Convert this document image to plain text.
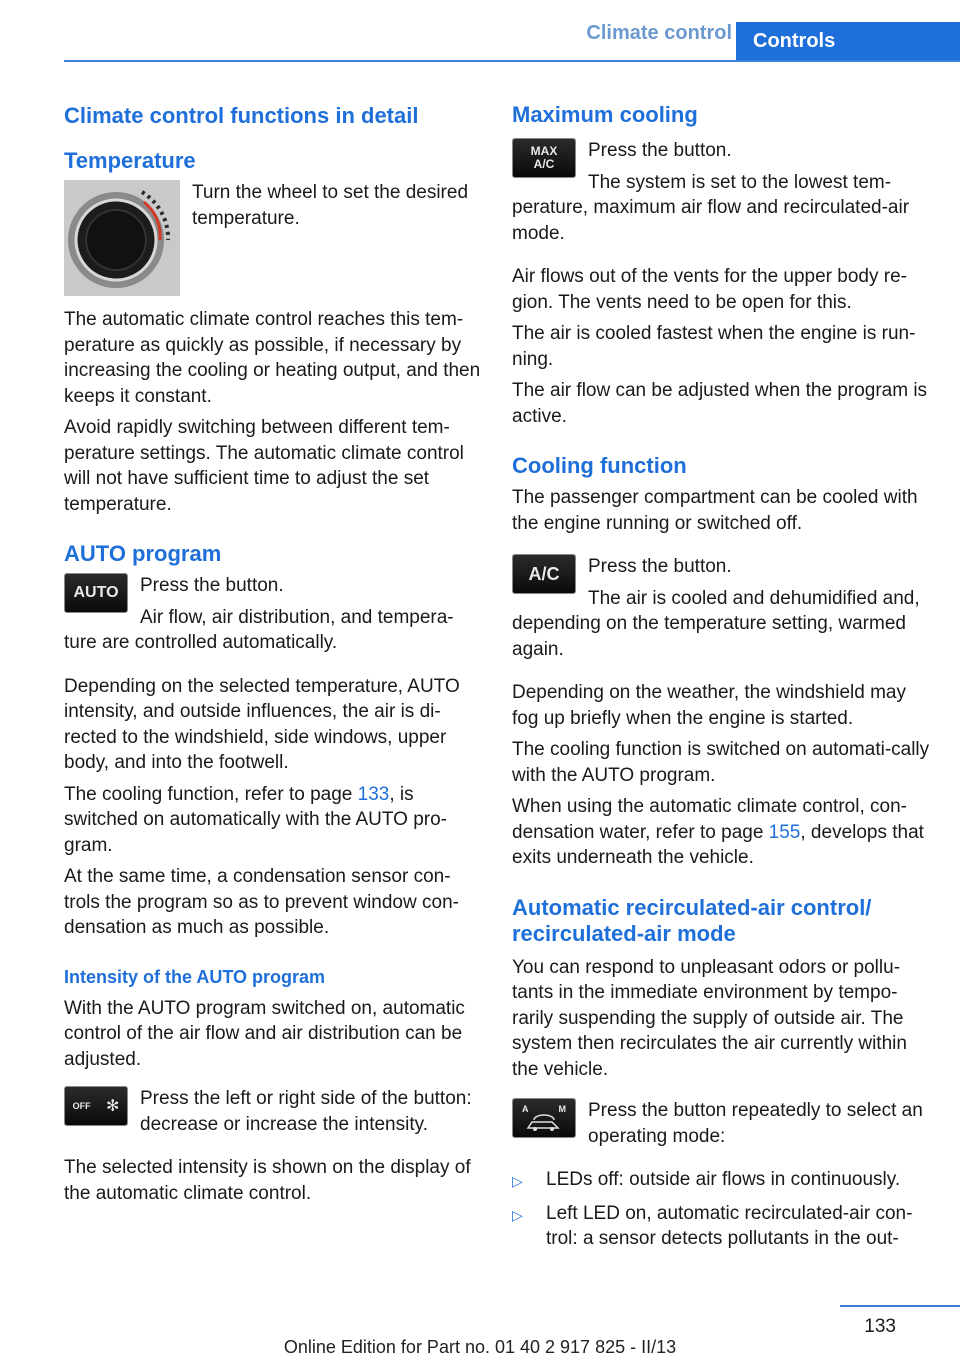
Climate control	Controls
Climate control functions in detail
Temperature
Turn the wheel to set the desired temperature.
The automatic climate control reaches this tem-perature as quickly as possible, if necessary by increasing the cooling or heating output, and then keeps it constant.
Avoid rapidly switching between different tem-perature settings. The automatic climate control will not have sufficient time to adjust the set temperature.
AUTO program
AUTO	Press the button.
Air flow, air distribution, and tempera-ture are controlled automatically.
Depending on the selected temperature, AUTO intensity, and outside influences, the air is di-rected to the windshield, side windows, upper body, and into the footwell.
The cooling function, refer to page 133, is switched on automatically with the AUTO pro-gram.
At the same time, a condensation sensor con-trols the program so as to prevent window con-densation as much as possible.
Intensity of the AUTO program
With the AUTO program switched on, automatic control of the air flow and air distribution can be adjusted.
OFF ✻	Press the left or right side of the button: decrease or increase the intensity.
The selected intensity is shown on the display of the automatic climate control.
Maximum cooling
MAX
A/C
Press the button.
The system is set to the lowest tem-perature, maximum air flow and recirculated-air mode.
Air flows out of the vents for the upper body re-gion. The vents need to be open for this.
The air is cooled fastest when the engine is run-ning.
The air flow can be adjusted when the program is active.
Cooling function
The passenger compartment can be cooled with the engine running or switched off.
A/C	Press the button.
The air is cooled and dehumidified and, depending on the temperature setting, warmed again.
Depending on the weather, the windshield may fog up briefly when the engine is started.
The cooling function is switched on automati-cally with the AUTO program.
When using the automatic climate control, con-densation water, refer to page 155, develops that exits underneath the vehicle.
Automatic recirculated-air control/ recirculated-air mode
You can respond to unpleasant odors or pollu-tants in the immediate environment by tempo-rarily suspending the supply of outside air. The system then recirculates the air currently within the vehicle.
A	M	Press the button repeatedly to select an operating mode:
▷	LEDs off: outside air flows in continuously.
▷	Left LED on, automatic recirculated-air con-trol: a sensor detects pollutants in the out-
133
Online Edition for Part no. 01 40 2 917 825 - II/13
